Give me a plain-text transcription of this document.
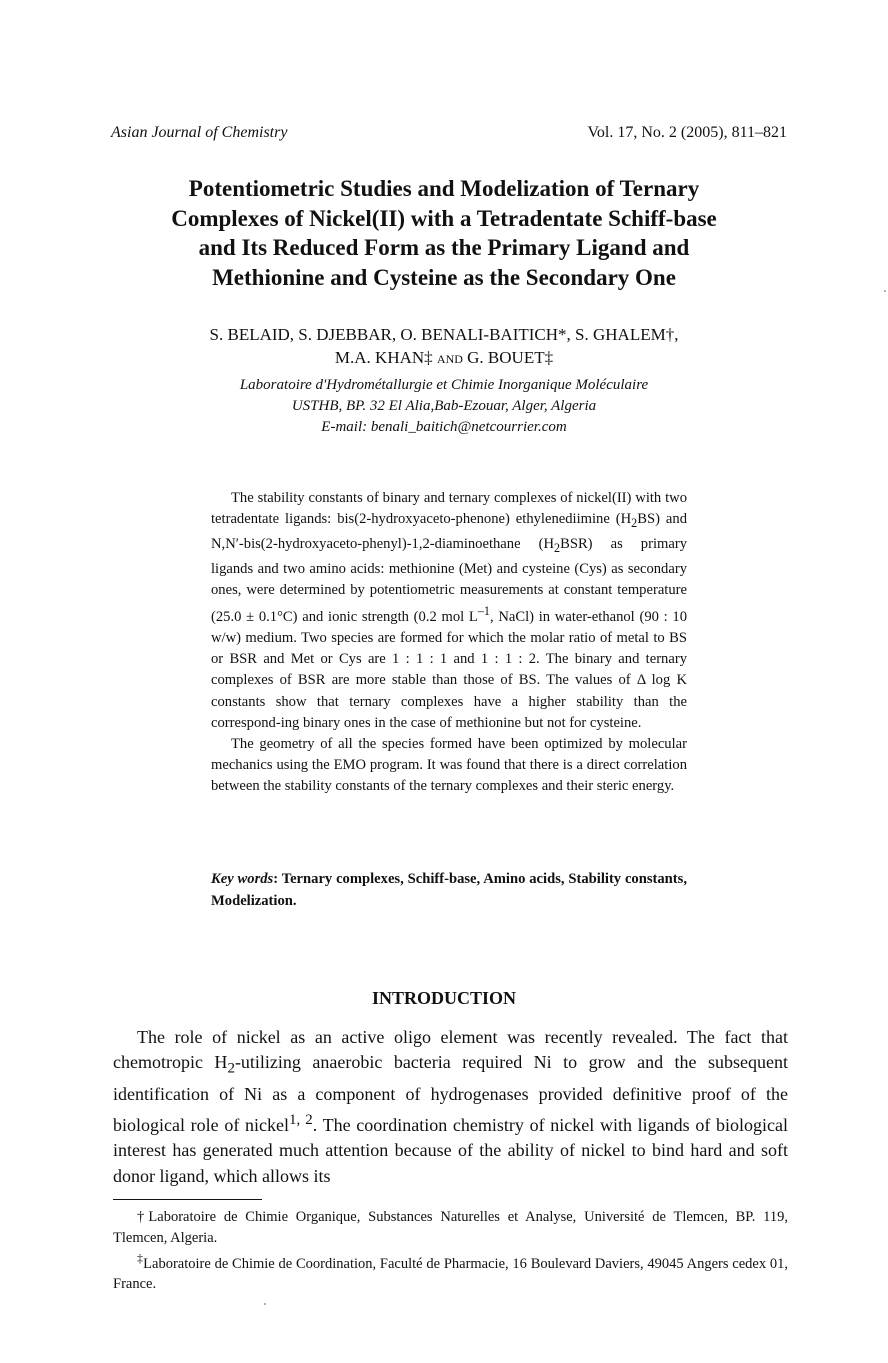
Asian Journal of Chemistry	Vol. 17, No. 2 (2005), 811–821
Potentiometric Studies and Modelization of Ternary
Complexes of Nickel(II) with a Tetradentate Schiff-base
and Its Reduced Form as the Primary Ligand and
Methionine and Cysteine as the Secondary One
S. BELAID, S. DJEBBAR, O. BENALI-BAITICH*, S. GHALEM†,
M.A. KHAN‡ and G. BOUET‡
Laboratoire d'Hydrométallurgie et Chimie Inorganique Moléculaire
USTHB, BP. 32 El Alia,Bab-Ezouar, Alger, Algeria
E-mail: benali_baitich@netcourrier.com

The stability constants of binary and ternary complexes of nickel(II) with two tetradentate ligands: bis(2-hydroxyaceto-phenone) ethylenediimine $(H_2BS)$ and N,N′-bis(2-hydroxyaceto-phenyl)-1,2-diaminoethane $(H_2BSR)$ as primary ligands and two amino acids: methionine (Met) and cysteine (Cys) as secondary ones, were determined by potentiometric measurements at constant temperature (25.0 ± 0.1°C) and ionic strength (0.2 mol $L^{-1}$, NaCl) in water-ethanol (90 : 10 w/w) medium. Two species are formed for which the molar ratio of metal to BS or BSR and Met or Cys are 1 : 1 : 1 and 1 : 1 : 2. The binary and ternary complexes of BSR are more stable than those of BS. The values of Δ log K constants show that ternary complexes have a higher stability than the correspond-ing binary ones in the case of methionine but not for cysteine.

The geometry of all the species formed have been optimized by molecular mechanics using the EMO program. It was found that there is a direct correlation between the stability constants of the ternary complexes and their steric energy.

Key words: Ternary complexes, Schiff-base, Amino acids, Stability constants, Modelization.
INTRODUCTION

The role of nickel as an active oligo element was recently revealed. The fact that chemotropic $H_2$-utilizing anaerobic bacteria required Ni to grow and the subsequent identification of Ni as a component of hydrogenases provided definitive proof of the biological role of nickel$^{1, 2}$. The coordination chemistry of nickel with ligands of biological interest has generated much attention because of the ability of nickel to bind hard and soft donor ligand, which allows its

†Laboratoire de Chimie Organique, Substances Naturelles et Analyse, Université de Tlemcen, BP. 119, Tlemcen, Algeria.

‡Laboratoire de Chimie de Coordination, Faculté de Pharmacie, 16 Boulevard Daviers, 49045 Angers cedex 01, France.
